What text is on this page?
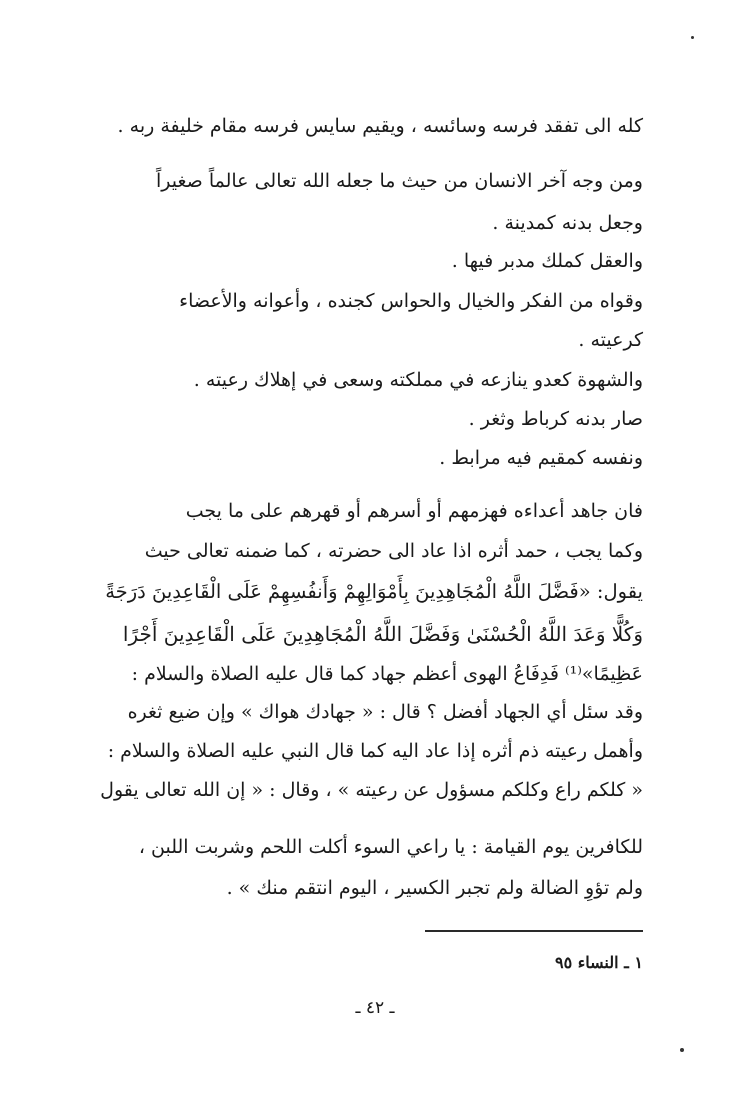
كله الى تفقد فرسه وسائسه ، ويقيم سايس فرسه مقام خليفة ربه .
ومن وجه آخر الانسان من حيث ما جعله الله تعالى عالماً صغيراً
وجعل بدنه كمدينة .
والعقل كملك مدبر فيها .
وقواه من الفكر والخيال والحواس كجنده ، وأعوانه والأعضاء
كرعيته .
والشهوة كعدو ينازعه في مملكته وسعى في إهلاك رعيته .
صار بدنه كرباط وثغر .
ونفسه كمقيم فيه مرابط .
فان جاهد أعداءه فهزمهم أو أسرهم أو قهرهم على ما يجب
وكما يجب ، حمد أثره اذا عاد الى حضرته ، كما ضمنه تعالى حيث
يقول: «فَضَّلَ اللَّهُ الْمُجَاهِدِينَ بِأَمْوَالِهِمْ وَأَنفُسِهِمْ عَلَى الْقَاعِدِينَ دَرَجَةً
وَكُلًّا وَعَدَ اللَّهُ الْحُسْنَىٰ وَفَضَّلَ اللَّهُ الْمُجَاهِدِينَ عَلَى الْقَاعِدِينَ أَجْرًا
عَظِيمًا»⁽¹⁾ فَدِفَاعُ الهوى أعظم جهاد كما قال عليه الصلاة والسلام :
وقد سئل أي الجهاد أفضل ؟ قال : « جهادك هواك » وإن ضيع ثغره
وأهمل رعيته ذم أثره إذا عاد اليه كما قال النبي عليه الصلاة والسلام :
« كلكم راع وكلكم مسؤول عن رعيته » ، وقال : « إن الله تعالى يقول
للكافرين يوم القيامة : يا راعي السوء أكلت اللحم وشربت اللبن ،
ولم تؤوِ الضالة ولم تجبر الكسير ، اليوم انتقم منك » .
١ ـ النساء ٩٥
ـ ٤٢ ـ
